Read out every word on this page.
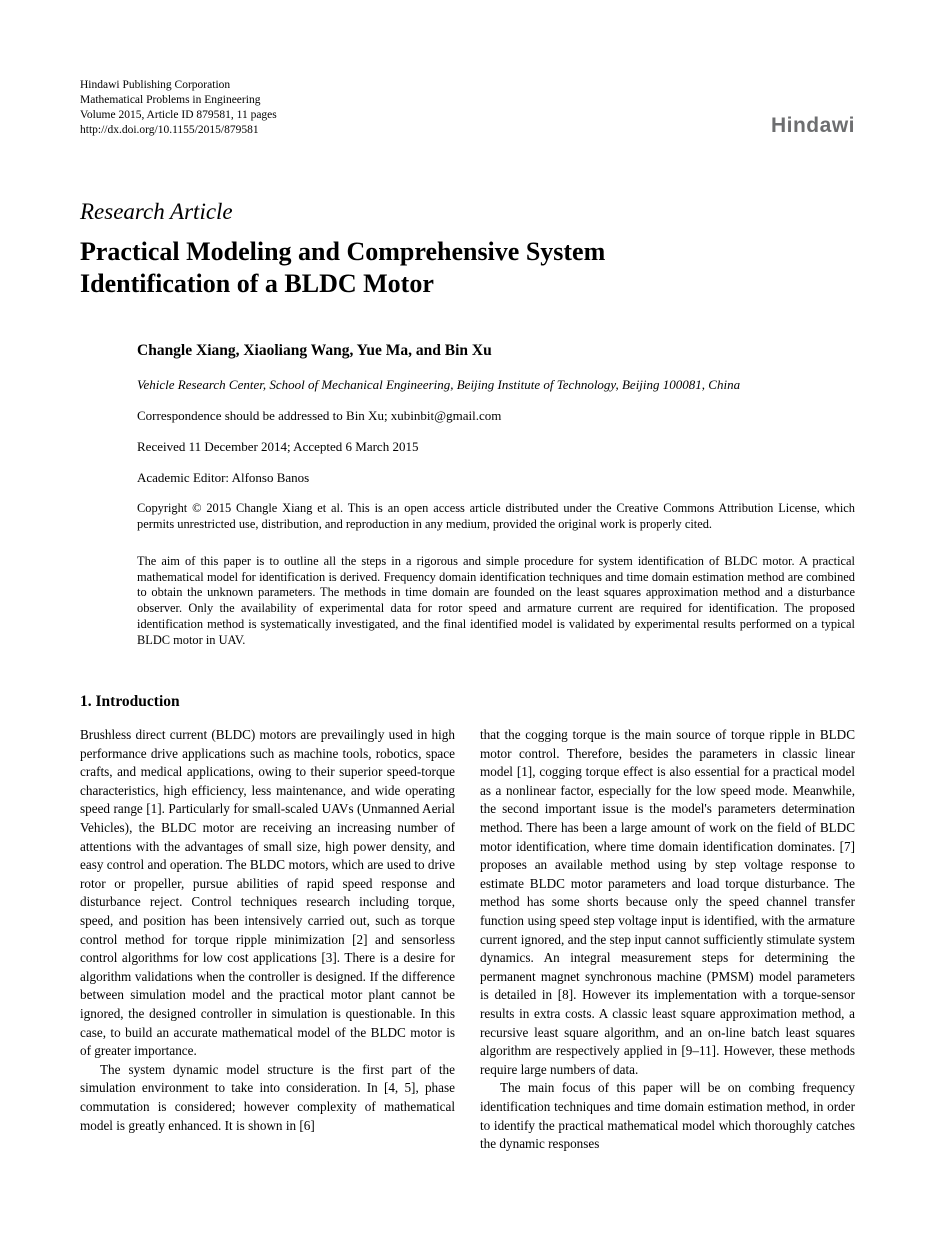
Hindawi Publishing Corporation
Mathematical Problems in Engineering
Volume 2015, Article ID 879581, 11 pages
http://dx.doi.org/10.1155/2015/879581	Hindawi
Research Article
Practical Modeling and Comprehensive System Identification of a BLDC Motor
Changle Xiang, Xiaoliang Wang, Yue Ma, and Bin Xu
Vehicle Research Center, School of Mechanical Engineering, Beijing Institute of Technology, Beijing 100081, China
Correspondence should be addressed to Bin Xu; xubinbit@gmail.com
Received 11 December 2014; Accepted 6 March 2015
Academic Editor: Alfonso Banos
Copyright © 2015 Changle Xiang et al. This is an open access article distributed under the Creative Commons Attribution License, which permits unrestricted use, distribution, and reproduction in any medium, provided the original work is properly cited.
The aim of this paper is to outline all the steps in a rigorous and simple procedure for system identification of BLDC motor. A practical mathematical model for identification is derived. Frequency domain identification techniques and time domain estimation method are combined to obtain the unknown parameters. The methods in time domain are founded on the least squares approximation method and a disturbance observer. Only the availability of experimental data for rotor speed and armature current are required for identification. The proposed identification method is systematically investigated, and the final identified model is validated by experimental results performed on a typical BLDC motor in UAV.
1. Introduction

Brushless direct current (BLDC) motors are prevailingly used in high performance drive applications such as machine tools, robotics, space crafts, and medical applications, owing to their superior speed-torque characteristics, high efficiency, less maintenance, and wide operating speed range [1]. Particularly for small-scaled UAVs (Unmanned Aerial Vehicles), the BLDC motor are receiving an increasing number of attentions with the advantages of small size, high power density, and easy control and operation. The BLDC motors, which are used to drive rotor or propeller, pursue abilities of rapid speed response and disturbance reject. Control techniques research including torque, speed, and position has been intensively carried out, such as torque control method for torque ripple minimization [2] and sensorless control algorithms for low cost applications [3]. There is a desire for algorithm validations when the controller is designed. If the difference between simulation model and the practical motor plant cannot be ignored, the designed controller in simulation is questionable. In this case, to build an accurate mathematical model of the BLDC motor is of greater importance.

The system dynamic model structure is the first part of the simulation environment to take into consideration. In [4, 5], phase commutation is considered; however complexity of mathematical model is greatly enhanced. It is shown in [6]

that the cogging torque is the main source of torque ripple in BLDC motor control. Therefore, besides the parameters in classic linear model [1], cogging torque effect is also essential for a practical model as a nonlinear factor, especially for the low speed mode. Meanwhile, the second important issue is the model's parameters determination method. There has been a large amount of work on the field of BLDC motor identification, where time domain identification dominates. [7] proposes an available method using by step voltage response to estimate BLDC motor parameters and load torque disturbance. The method has some shorts because only the speed channel transfer function using speed step voltage input is identified, with the armature current ignored, and the step input cannot sufficiently stimulate system dynamics. An integral measurement steps for determining the permanent magnet synchronous machine (PMSM) model parameters is detailed in [8]. However its implementation with a torque-sensor results in extra costs. A classic least square approximation method, a recursive least square algorithm, and an on-line batch least squares algorithm are respectively applied in [9–11]. However, these methods require large numbers of data.

The main focus of this paper will be on combing frequency identification techniques and time domain estimation method, in order to identify the practical mathematical model which thoroughly catches the dynamic responses
